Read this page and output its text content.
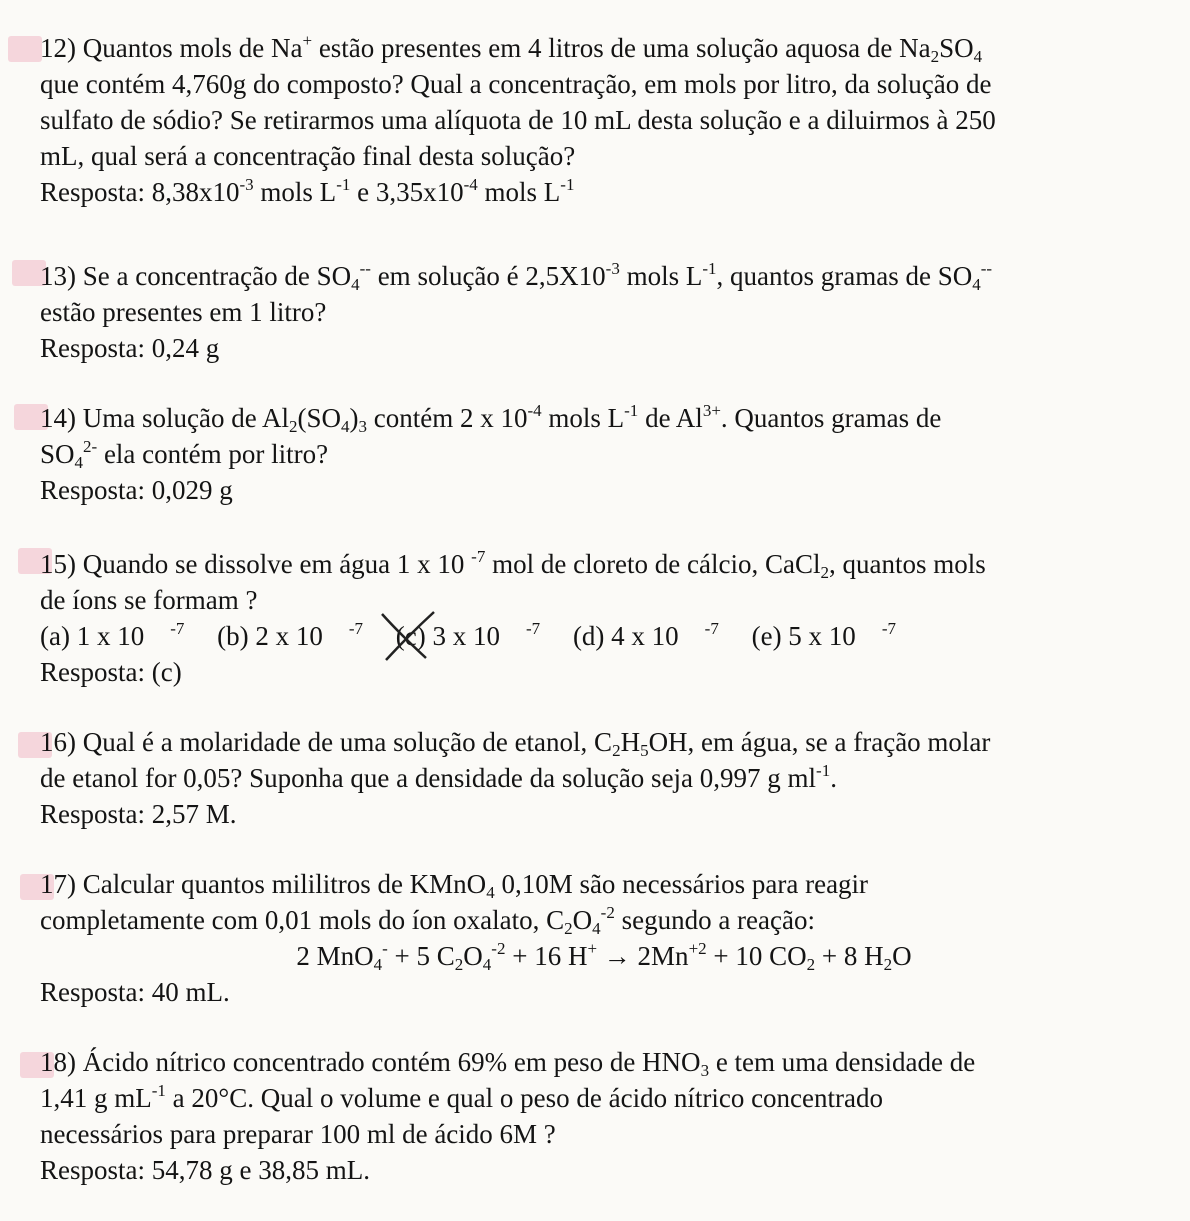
12) Quantos mols de Na+ estão presentes em 4 litros de uma solução aquosa de $Na_2SO_4$
que contém 4,760g do composto? Qual a concentração, em mols por litro, da solução de
sulfato de sódio? Se retirarmos uma alíquota de 10 mL desta solução e a diluirmos à 250
mL, qual será a concentração final desta solução?
Resposta: $8,38x10^{-3}$ mols $L^{-1}$ e $3,35x10^{-4}$ mols $L^{-1}$
13) Se a concentração de $SO_4^{--}$ em solução é $2,5X10^{-3}$ mols $L^{-1}$, quantos gramas de $SO_4^{--}$
estão presentes em 1 litro?
Resposta: 0,24 g
14) Uma solução de $Al_2(SO_4)_3$ contém 2 x $10^{-4}$ mols $L^{-1}$ de $Al^{3+}$. Quantos gramas de
$SO_4^{2-}$ ela contém por litro?
Resposta: 0,029 g
15) Quando se dissolve em água 1 x 10 $^{-7}$ mol de cloreto de cálcio, CaCl$_2$, quantos mols
de íons se formam ?
(a) 1 x $10^{-7}$ (b) 2 x $10^{-7}$ (c) 3 x $10^{-7}$ (d) 4 x $10^{-7}$ (e) 5 x $10^{-7}$
Resposta: (c)
16) Qual é a molaridade de uma solução de etanol, $C_2H_5OH$, em água, se a fração molar
de etanol for 0,05? Suponha que a densidade da solução seja 0,997 g $ml^{-1}$.
Resposta: 2,57 M.
17) Calcular quantos mililitros de KMnO$_4$ 0,10M são necessários para reagir
completamente com 0,01 mols do íon oxalato, $C_2O_4^{-2}$ segundo a reação:
2 MnO$_4$- + 5 $C_2O_4^{-2} + 16$ $H^+ \to 2Mn^{+2} + 10$ $CO_2 + 8$ $H_2O$
Resposta: 40 mL.
18) Ácido nítrico concentrado contém 69% em peso de $HNO_3$ e tem uma densidade de
1,41 g $mL^{-1}$ a 20°C. Qual o volume e qual o peso de ácido nítrico concentrado
necessários para preparar 100 ml de ácido 6M ?
Resposta: 54,78 g e 38,85 mL.
